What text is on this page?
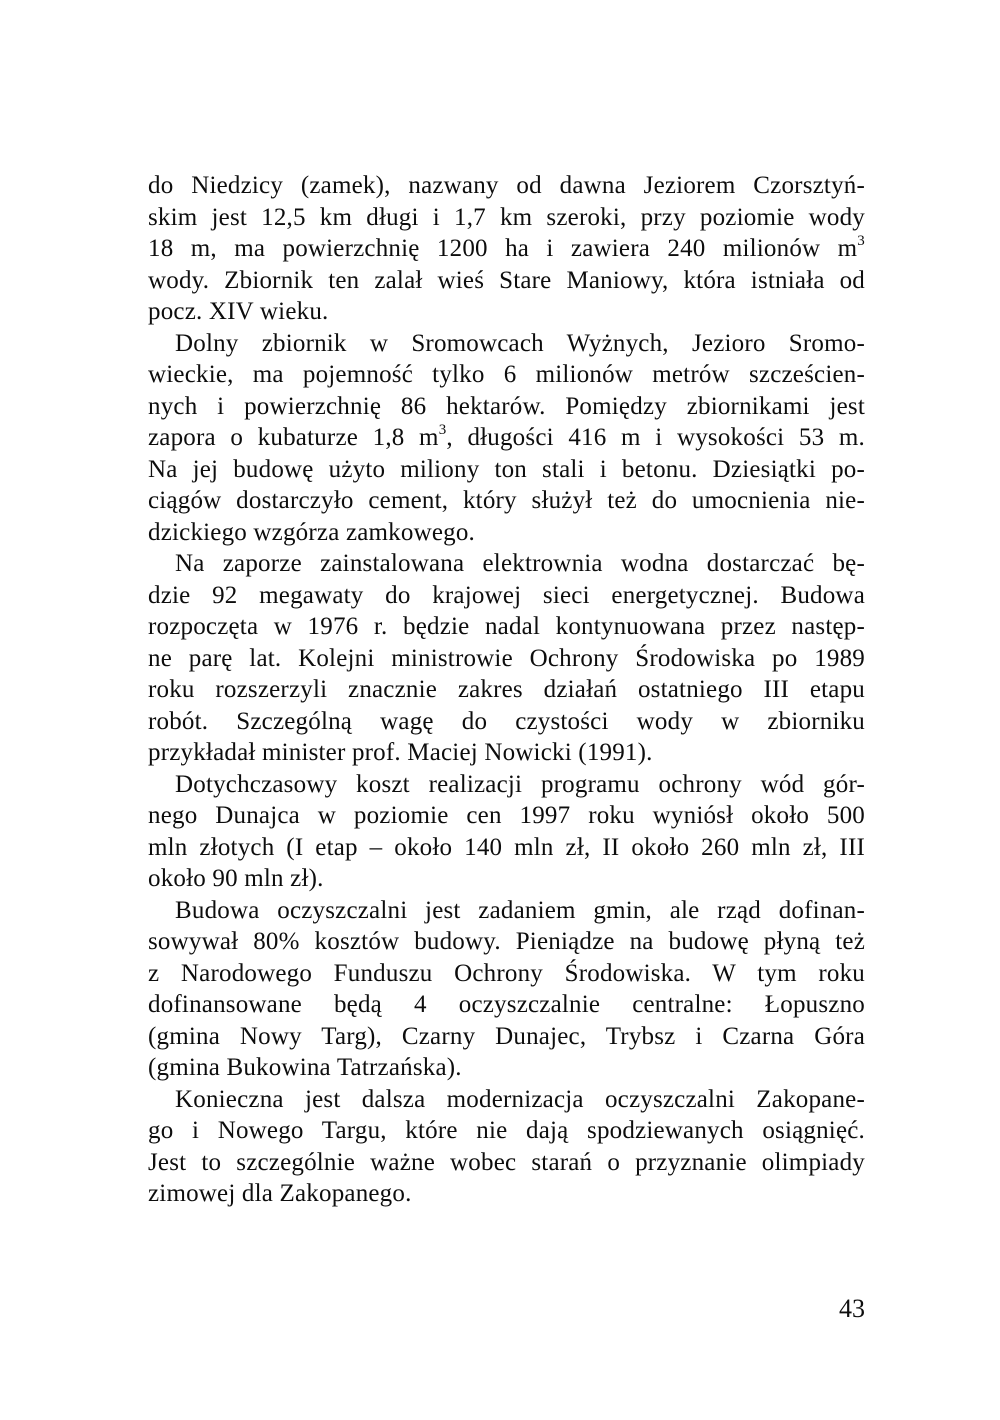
do Niedzicy (zamek), nazwany od dawna Jeziorem Czorsztyń-
skim jest 12,5 km długi i 1,7 km szeroki, przy poziomie wody
18 m, ma powierzchnię 1200 ha i zawiera 240 milionów $m^3$
wody. Zbiornik ten zalał wieś Stare Maniowy, która istniała od
pocz. XIV wieku.
Dolny zbiornik w Sromowcach Wyżnych, Jezioro Sromo-
wieckie, ma pojemność tylko 6 milionów metrów szcześcien-
nych i powierzchnię 86 hektarów. Pomiędzy zbiornikami jest
zapora o kubaturze 1,8 $m^3$, długości 416 m i wysokości 53 m.
Na jej budowę użyto miliony ton stali i betonu. Dziesiątki po-
ciągów dostarczyło cement, który służył też do umocnienia nie-
dzickiego wzgórza zamkowego.
Na zaporze zainstalowana elektrownia wodna dostarczać bę-
dzie 92 megawaty do krajowej sieci energetycznej. Budowa
rozpoczęta w 1976 r. będzie nadal kontynuowana przez następ-
ne parę lat. Kolejni ministrowie Ochrony Środowiska po 1989
roku rozszerzyli znacznie zakres działań ostatniego III etapu
robót. Szczególną wagę do czystości wody w zbiorniku
przykładał minister prof. Maciej Nowicki (1991).
Dotychczasowy koszt realizacji programu ochrony wód gór-
nego Dunajca w poziomie cen 1997 roku wyniósł około 500
mln złotych (I etap – około 140 mln zł, II około 260 mln zł, III
około 90 mln zł).
Budowa oczyszczalni jest zadaniem gmin, ale rząd dofinan-
sowywał 80% kosztów budowy. Pieniądze na budowę płyną też
z Narodowego Funduszu Ochrony Środowiska. W tym roku
dofinansowane będą 4 oczyszczalnie centralne: Łopuszno
(gmina Nowy Targ), Czarny Dunajec, Trybsz i Czarna Góra
(gmina Bukowina Tatrzańska).
Konieczna jest dalsza modernizacja oczyszczalni Zakopane-
go i Nowego Targu, które nie dają spodziewanych osiągnięć.
Jest to szczególnie ważne wobec starań o przyznanie olimpiady
zimowej dla Zakopanego.
43
